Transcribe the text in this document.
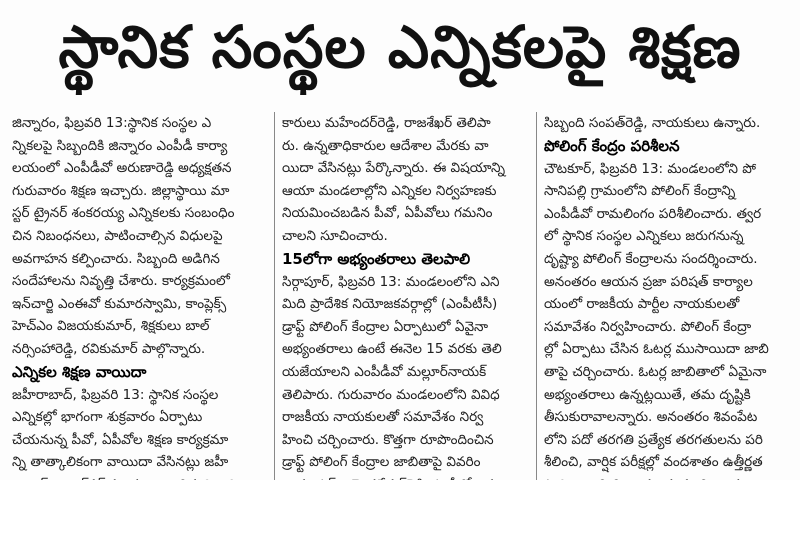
స్థానిక సంస్థల ఎన్నికలపై శిక్షణ
జిన్నారం, ఫిబ్రవరి 13:స్థానిక సంస్థల ఎ
న్నికలపై సిబ్బందికి జిన్నారం ఎంపీడీ కార్యా
లయంలో ఎంపీడీవో అరుణారెడ్డి అధ్యక్షతన
గురువారం శిక్షణ ఇచ్చారు. జిల్లాస్థాయి మా
స్టర్ ట్రైనర్ శంకరయ్య ఎన్నికలకు సంబంధిం
చిన నిబంధనలు, పాటించాల్సిన విధులపై
అవగాహన కల్పించారు. సిబ్బంది అడిగిన
సందేహాలను నివృత్తి చేశారు. కార్యక్రమంలో
ఇన్‌చార్జి ఎంఈవో కుమారస్వామి, కాంప్లెక్స్
హెచ్ఎం విజయకుమార్, శిక్షకులు బాల్
నర్సింహారెడ్డి, రవికుమార్ పాల్గొన్నారు.
ఎన్నికల శిక్షణ వాయిదా
జహీరాబాద్, ఫిబ్రవరి 13: స్థానిక సంస్థల
ఎన్నికల్లో భాగంగా శుక్రవారం ఏర్పాటు
చేయనున్న పీవో, ఏపీవోల శిక్షణ కార్యక్రమా
న్ని తాత్కాలికంగా వాయిదా వేసినట్లు జహీ
కారులు మహేందర్‌రెడ్డి, రాజశేఖర్ తెలిపా
రు. ఉన్నతాధికారుల ఆదేశాల మేరకు వా
యిదా వేసినట్లు పేర్కొన్నారు. ఈ విషయాన్ని
ఆయా మండలాల్లోని ఎన్నికల నిర్వహణకు
నియమించబడిన పీవో, ఏపీవోలు గమనిం
చాలని సూచించారు.
15లోగా అభ్యంతరాలు తెలపాలి
సిర్గాపూర్, ఫిబ్రవరి 13: మండలంలోని ఎని
మిది ప్రాదేశిక నియోజకవర్గాల్లో (ఎంపీటీసీ)
డ్రాఫ్ట్ పోలింగ్ కేంద్రాల ఏర్పాటులో ఏవైనా
అభ్యంతరాలు ఉంటే ఈనెల 15 వరకు తెలి
యజేయాలని ఎంపీడీవో మల్లూర్‌నాయక్
తెలిపారు. గురువారం మండలంలోని వివిధ
రాజకీయ నాయకులతో సమావేశం నిర్వ
హించి చర్చించారు. కొత్తగా రూపొందించిన
డ్రాఫ్ట్ పోలింగ్ కేంద్రాల జాబితాపై వివరిం
సిబ్బంది సంపత్‌రెడ్డి, నాయకులు ఉన్నారు.
పోలింగ్ కేంద్రం పరిశీలన
చౌటకూర్, ఫిబ్రవరి 13: మండలంలోని పో
సానిపల్లి గ్రామంలోని పోలింగ్ కేంద్రాన్ని
ఎంపీడీవో రామలింగం పరిశీలించారు. త్వర
లో స్థానిక సంస్థల ఎన్నికలు జరుగనున్న
దృష్ట్యా పోలింగ్ కేంద్రాలను సందర్శించారు.
అనంతరం ఆయన ప్రజా పరిషత్ కార్యాల
యంలో రాజకీయ పార్టీల నాయకులతో
సమావేశం నిర్వహించారు. పోలింగ్ కేంద్రా
ల్లో ఏర్పాటు చేసిన ఓటర్ల ముసాయిదా జాబి
తాపై చర్చించారు. ఓటర్ల జాబితాలో ఏమైనా
అభ్యంతరాలు ఉన్నట్లయితే, తమ దృష్టికి
తీసుకురావాలన్నారు. అనంతరం శివంపేట
లోని పదో తరగతి ప్రత్యేక తరగతులను పరి
శీలించి, వార్షిక పరీక్షల్లో వందశాతం ఉత్తీర్ణత
